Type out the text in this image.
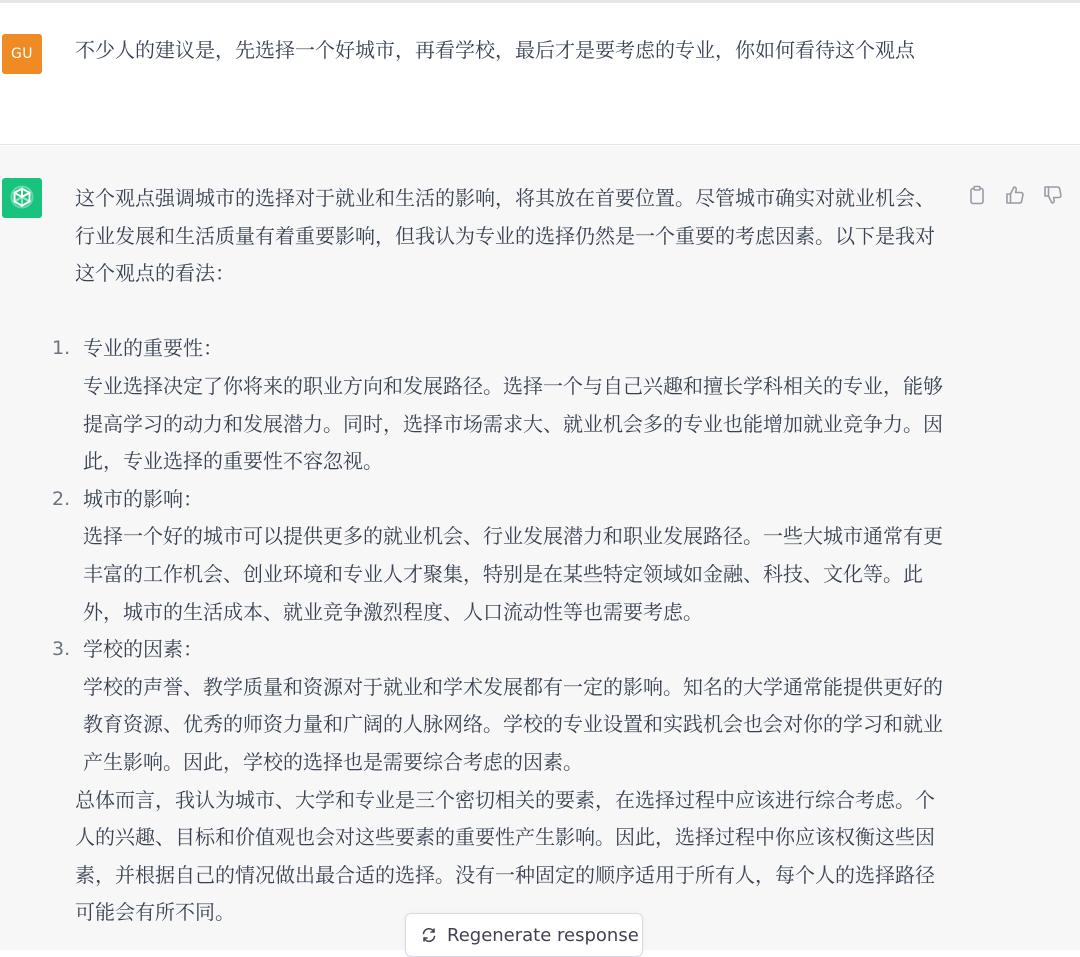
GU 不少人的建议是，先选择一个好城市，再看学校，最后才是要考虑的专业，你如何看待这个观点

这个观点强调城市的选择对于就业和生活的影响，将其放在首要位置。尽管城市确实对就业机会、行业发展和生活质量有着重要影响，但我认为专业的选择仍然是一个重要的考虑因素。以下是我对这个观点的看法：

1. 专业的重要性：
专业选择决定了你将来的职业方向和发展路径。选择一个与自己兴趣和擅长学科相关的专业，能够提高学习的动力和发展潜力。同时，选择市场需求大、就业机会多的专业也能增加就业竞争力。因此，专业选择的重要性不容忽视。
2. 城市的影响：
选择一个好的城市可以提供更多的就业机会、行业发展潜力和职业发展路径。一些大城市通常有更丰富的工作机会、创业环境和专业人才聚集，特别是在某些特定领域如金融、科技、文化等。此外，城市的生活成本、就业竞争激烈程度、人口流动性等也需要考虑。
3. 学校的因素：
学校的声誉、教学质量和资源对于就业和学术发展都有一定的影响。知名的大学通常能提供更好的教育资源、优秀的师资力量和广阔的人脉网络。学校的专业设置和实践机会也会对你的学习和就业产生影响。因此，学校的选择也是需要综合考虑的因素。

总体而言，我认为城市、大学和专业是三个密切相关的要素，在选择过程中应该进行综合考虑。个人的兴趣、目标和价值观也会对这些要素的重要性产生影响。因此，选择过程中你应该权衡这些因素，并根据自己的情况做出最合适的选择。没有一种固定的顺序适用于所有人，每个人的选择路径可能会有所不同。

Regenerate response
